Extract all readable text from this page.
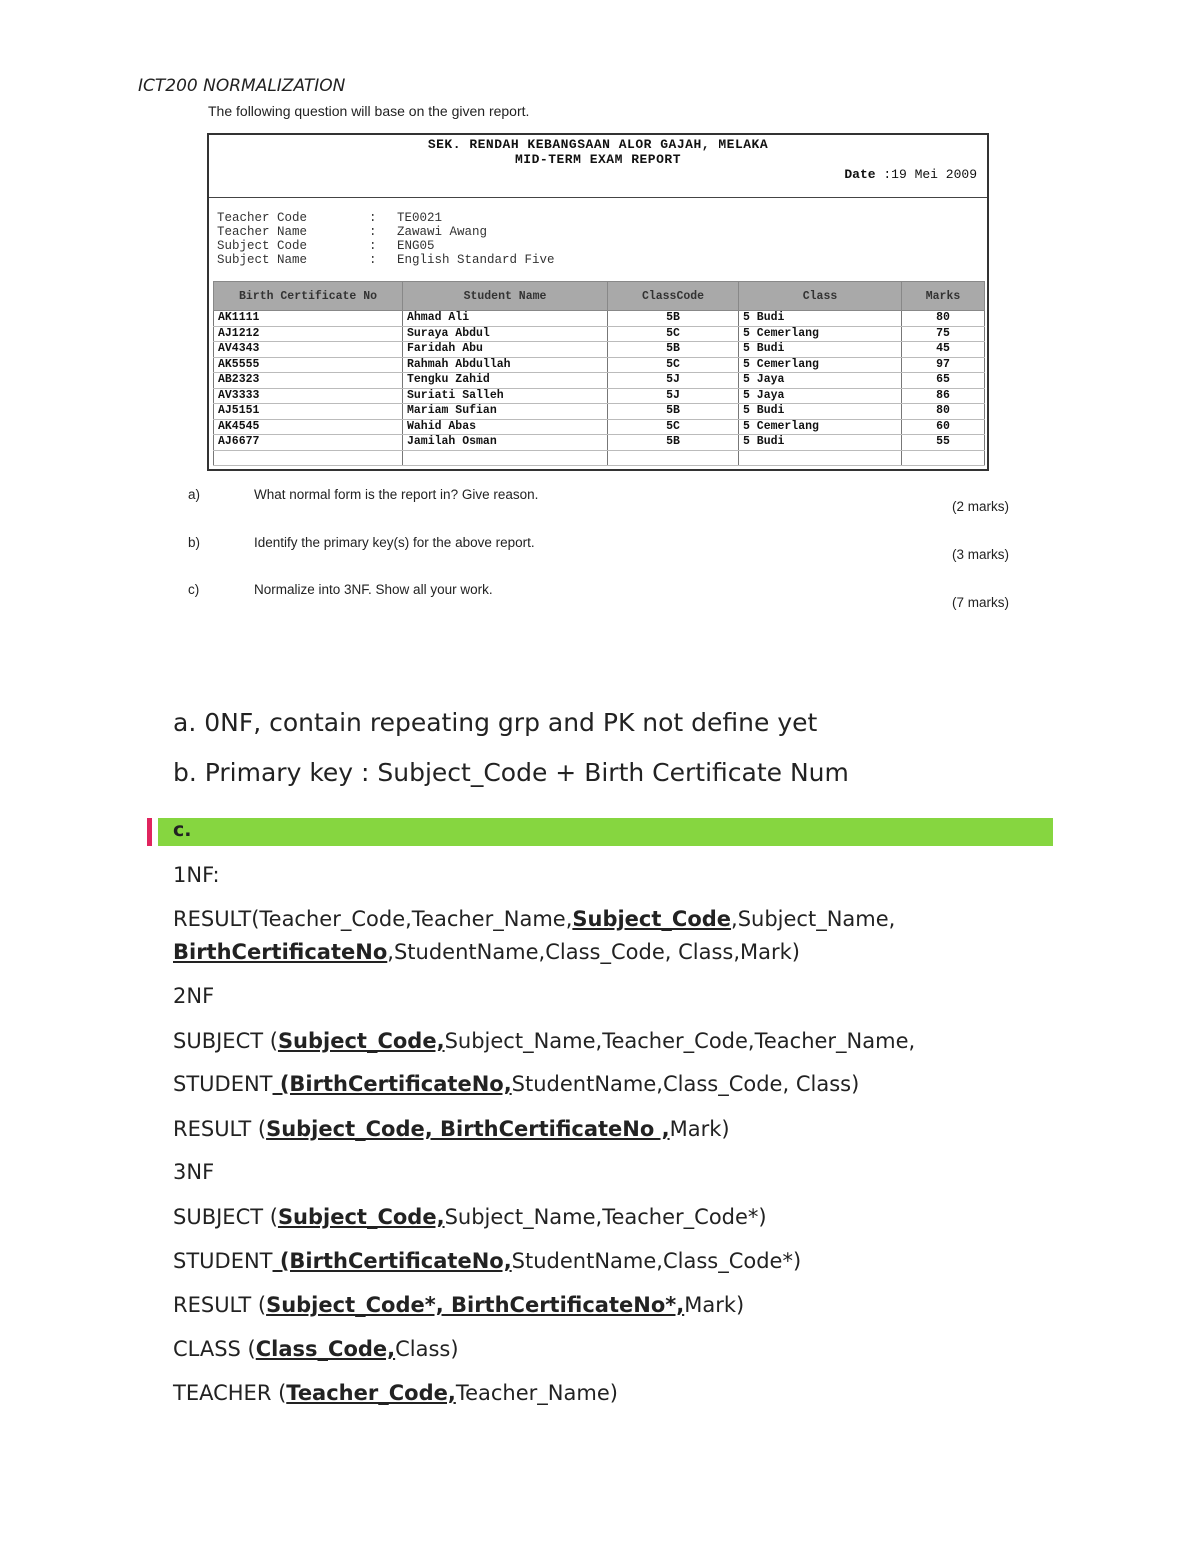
ICT200 NORMALIZATION
The following question will base on the given report.
SEK. RENDAH KEBANGSAAN ALOR GAJAH, MELAKA
MID-TERM EXAM REPORT
Date :19 Mei 2009
Teacher Code	:	TE0021
Teacher Name	:	Zawawi Awang
Subject Code	:	ENG05
Subject Name	:	English Standard Five
Birth Certificate No	Student Name	ClassCode	Class	Marks
AK1111	Ahmad Ali	5B	5 Budi	80
AJ1212	Suraya Abdul	5C	5 Cemerlang	75
AV4343	Faridah Abu	5B	5 Budi	45
AK5555	Rahmah Abdullah	5C	5 Cemerlang	97
AB2323	Tengku Zahid	5J	5 Jaya	65
AV3333	Suriati Salleh	5J	5 Jaya	86
AJ5151	Mariam Sufian	5B	5 Budi	80
AK4545	Wahid Abas	5C	5 Cemerlang	60
AJ6677	Jamilah Osman	5B	5 Budi	55

a)	What normal form is the report in? Give reason.
(2 marks)
b)	Identify the primary key(s) for the above report.
(3 marks)
c)	Normalize into 3NF. Show all your work.
(7 marks)
a. 0NF, contain repeating grp and PK not define yet
b. Primary key : Subject_Code + Birth Certificate Num
c.
1NF:
RESULT(Teacher_Code,Teacher_Name,Subject_Code,Subject_Name,
BirthCertificateNo,StudentName,Class_Code, Class,Mark)
2NF
SUBJECT (Subject_Code,Subject_Name,Teacher_Code,Teacher_Name,
STUDENT (BirthCertificateNo,StudentName,Class_Code, Class)
RESULT (Subject_Code, BirthCertificateNo ,Mark)
3NF
SUBJECT (Subject_Code,Subject_Name,Teacher_Code*)
STUDENT (BirthCertificateNo,StudentName,Class_Code*)
RESULT (Subject_Code*, BirthCertificateNo*,Mark)
CLASS (Class_Code,Class)
TEACHER (Teacher_Code,Teacher_Name)
